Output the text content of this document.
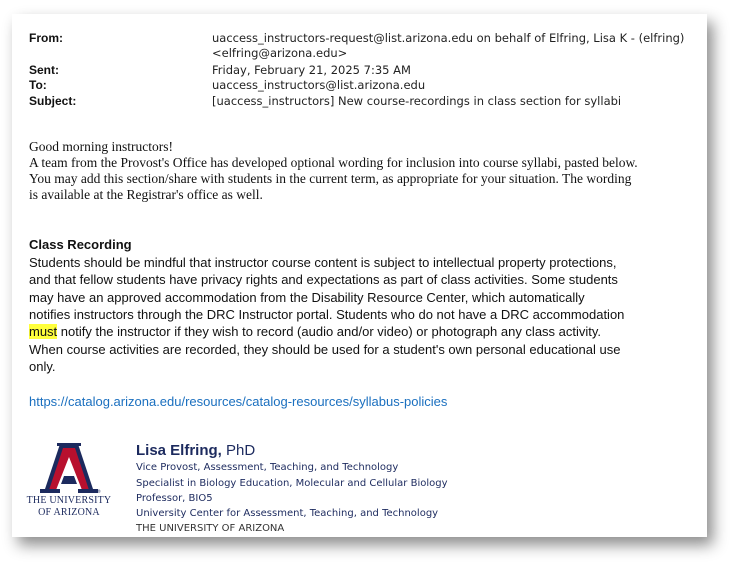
From:	uaccess_instructors-request@list.arizona.edu on behalf of Elfring, Lisa K - (elfring)
<elfring@arizona.edu>
Sent:	Friday, February 21, 2025 7:35 AM
To:	uaccess_instructors@list.arizona.edu
Subject:	[uaccess_instructors] New course-recordings in class section for syllabi
Good morning instructors!
A team from the Provost's Office has developed optional wording for inclusion into course syllabi, pasted below.
You may add this section/share with students in the current term, as appropriate for your situation. The wording
is available at the Registrar's office as well.
Class Recording
Students should be mindful that instructor course content is subject to intellectual property protections,
and that fellow students have privacy rights and expectations as part of class activities. Some students
may have an approved accommodation from the Disability Resource Center, which automatically
notifies instructors through the DRC Instructor portal. Students who do not have a DRC accommodation
must notify the instructor if they wish to record (audio and/or video) or photograph any class activity.
When course activities are recorded, they should be used for a student's own personal educational use
only.
https://catalog.arizona.edu/resources/catalog-resources/syllabus-policies
®
THE UNIVERSITY
OF ARIZONA
Lisa Elfring, PhD
Vice Provost, Assessment, Teaching, and Technology
Specialist in Biology Education, Molecular and Cellular Biology
Professor, BIO5
University Center for Assessment, Teaching, and Technology
THE UNIVERSITY OF ARIZONA
